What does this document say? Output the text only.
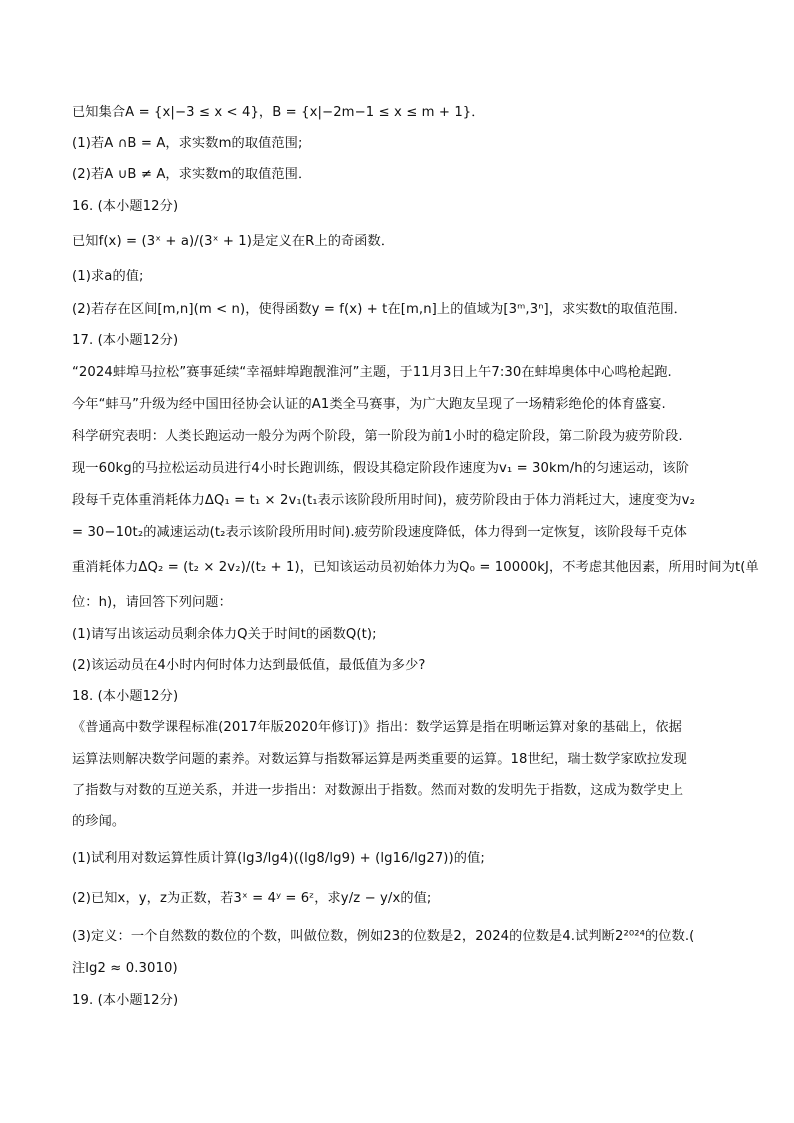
已知集合A = {x|−3 ≤ x < 4}，B = {x|−2m−1 ≤ x ≤ m + 1}．
(1)若A ∩B = A，求实数m的取值范围;
(2)若A ∪B ≠ A，求实数m的取值范围．
16. (本小题12分)
已知f(x) = (3ˣ + a)/(3ˣ + 1)是定义在R上的奇函数．
(1)求a的值;
(2)若存在区间[m,n](m < n)，使得函数y = f(x) + t在[m,n]上的值域为[3ᵐ,3ⁿ]，求实数t的取值范围．
17. (本小题12分)
“2024蚌埠马拉松”赛事延续“幸福蚌埠跑靓淮河”主题，于11月3日上午7:30在蚌埠奥体中心鸣枪起跑.
今年“蚌马”升级为经中国田径协会认证的A1类全马赛事，为广大跑友呈现了一场精彩绝伦的体育盛宴.
科学研究表明：人类长跑运动一般分为两个阶段，第一阶段为前1小时的稳定阶段，第二阶段为疲劳阶段.
现一60kg的马拉松运动员进行4小时长跑训练，假设其稳定阶段作速度为v₁ = 30km/h的匀速运动，该阶
段每千克体重消耗体力ΔQ₁ = t₁ × 2v₁(t₁表示该阶段所用时间)，疲劳阶段由于体力消耗过大，速度变为v₂
= 30−10t₂的减速运动(t₂表示该阶段所用时间).疲劳阶段速度降低，体力得到一定恢复，该阶段每千克体
重消耗体力ΔQ₂ = (t₂ × 2v₂)/(t₂ + 1)，已知该运动员初始体力为Q₀ = 10000kJ，不考虑其他因素，所用时间为t(单
位：h)，请回答下列问题：
(1)请写出该运动员剩余体力Q关于时间t的函数Q(t);
(2)该运动员在4小时内何时体力达到最低值，最低值为多少?
18. (本小题12分)
《普通高中数学课程标准(2017年版2020年修订)》指出：数学运算是指在明晰运算对象的基础上，依据
运算法则解决数学问题的素养。对数运算与指数幂运算是两类重要的运算。18世纪，瑞士数学家欧拉发现
了指数与对数的互逆关系，并进一步指出：对数源出于指数。然而对数的发明先于指数，这成为数学史上
的珍闻。
(1)试利用对数运算性质计算(lg3/lg4)((lg8/lg9) + (lg16/lg27))的值;
(2)已知x，y，z为正数，若3ˣ = 4ʸ = 6ᶻ，求y/z − y/x的值;
(3)定义：一个自然数的数位的个数，叫做位数，例如23的位数是2，2024的位数是4.试判断2²⁰²⁴的位数.(
注lg2 ≈ 0.3010)
19. (本小题12分)
